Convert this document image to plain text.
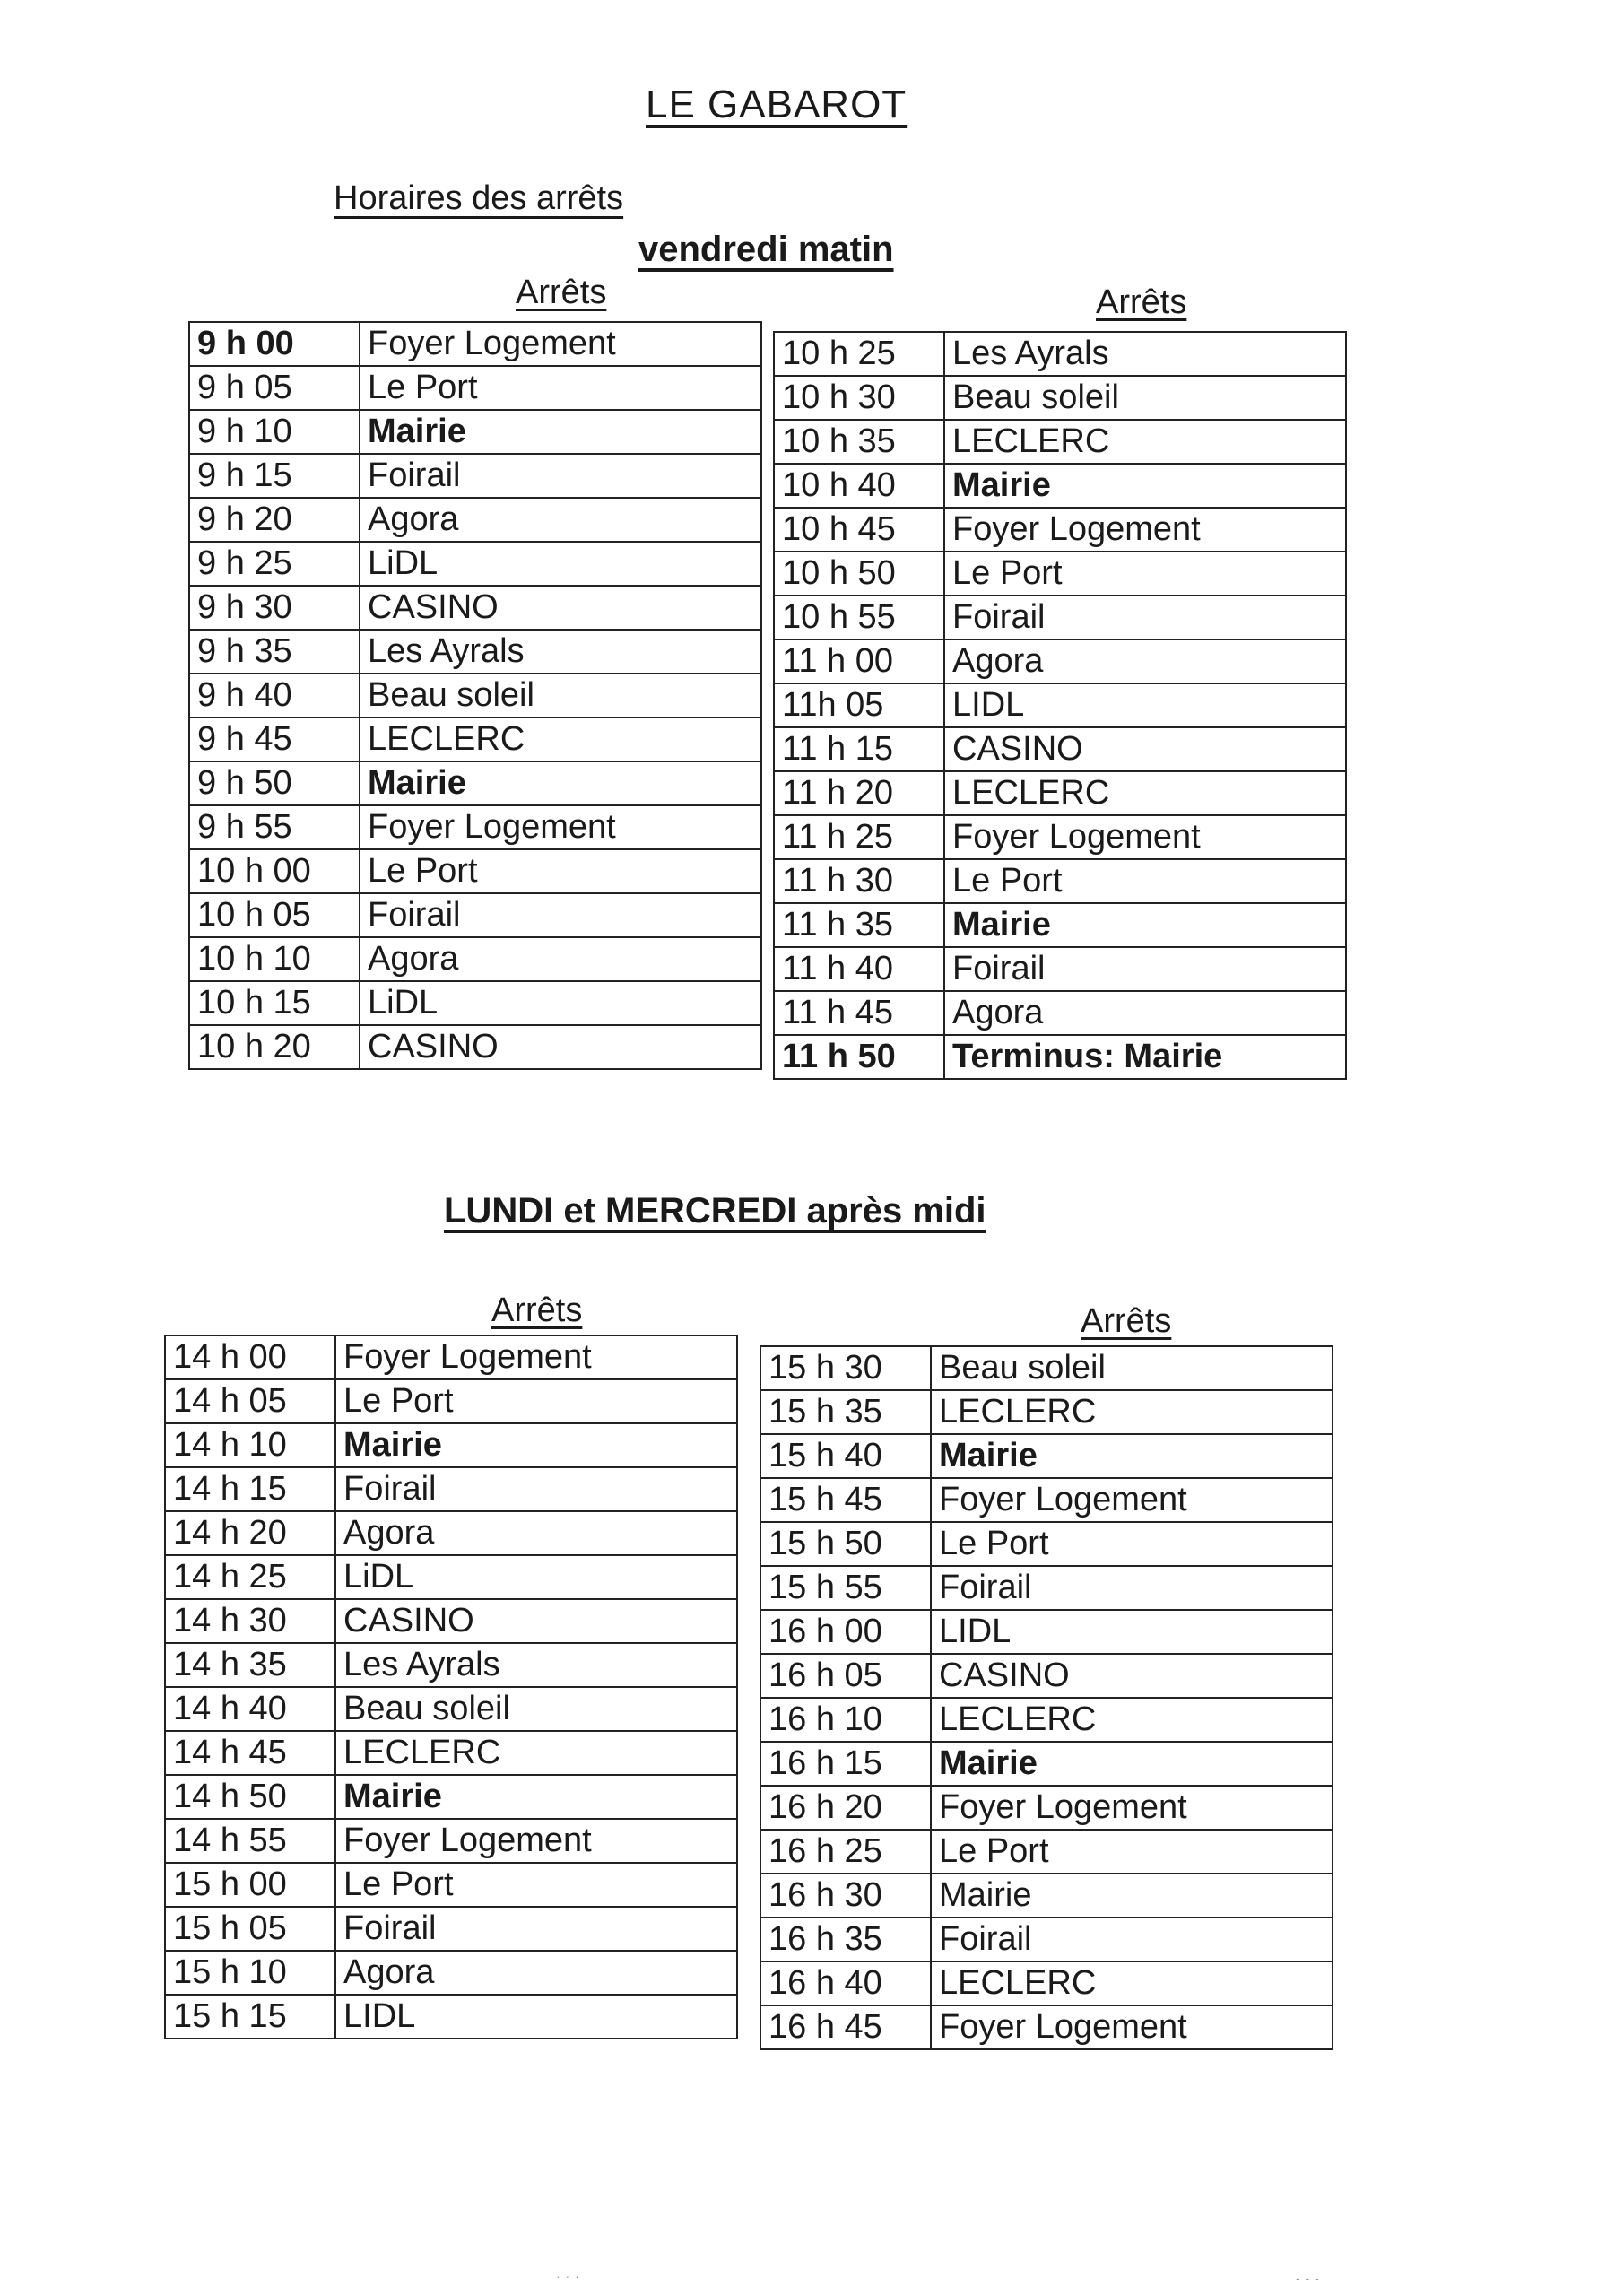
LE GABAROT
Horaires des arrêts
vendredi matin
Arrêts	Arrêts
9 h 00	Foyer Logement
9 h 05	Le Port
9 h 10	Mairie
9 h 15	Foirail
9 h 20	Agora
9 h 25	LiDL
9 h 30	CASINO
9 h 35	Les Ayrals
9 h 40	Beau soleil
9 h 45	LECLERC
9 h 50	Mairie
9 h 55	Foyer Logement
10 h 00	Le Port
10 h 05	Foirail
10 h 10	Agora
10 h 15	LiDL
10 h 20	CASINO
10 h 25	Les Ayrals
10 h 30	Beau soleil
10 h 35	LECLERC
10 h 40	Mairie
10 h 45	Foyer Logement
10 h 50	Le Port
10 h 55	Foirail
11 h 00	Agora
11h 05	LIDL
11 h 15	CASINO
11 h 20	LECLERC
11 h 25	Foyer Logement
11 h 30	Le Port
11 h 35	Mairie
11 h 40	Foirail
11 h 45	Agora
11 h 50	Terminus: Mairie
LUNDI et MERCREDI après midi
Arrêts	Arrêts
14 h 00	Foyer Logement
14 h 05	Le Port
14 h 10	Mairie
14 h 15	Foirail
14 h 20	Agora
14 h 25	LiDL
14 h 30	CASINO
14 h 35	Les Ayrals
14 h 40	Beau soleil
14 h 45	LECLERC
14 h 50	Mairie
14 h 55	Foyer Logement
15 h 00	Le Port
15 h 05	Foirail
15 h 10	Agora
15 h 15	LIDL
15 h 30	Beau soleil
15 h 35	LECLERC
15 h 40	Mairie
15 h 45	Foyer Logement
15 h 50	Le Port
15 h 55	Foirail
16 h 00	LIDL
16 h 05	CASINO
16 h 10	LECLERC
16 h 15	Mairie
16 h 20	Foyer Logement
16 h 25	Le Port
16 h 30	Mairie
16 h 35	Foirail
16 h 40	LECLERC
16 h 45	Foyer Logement
· · ·	- - -
